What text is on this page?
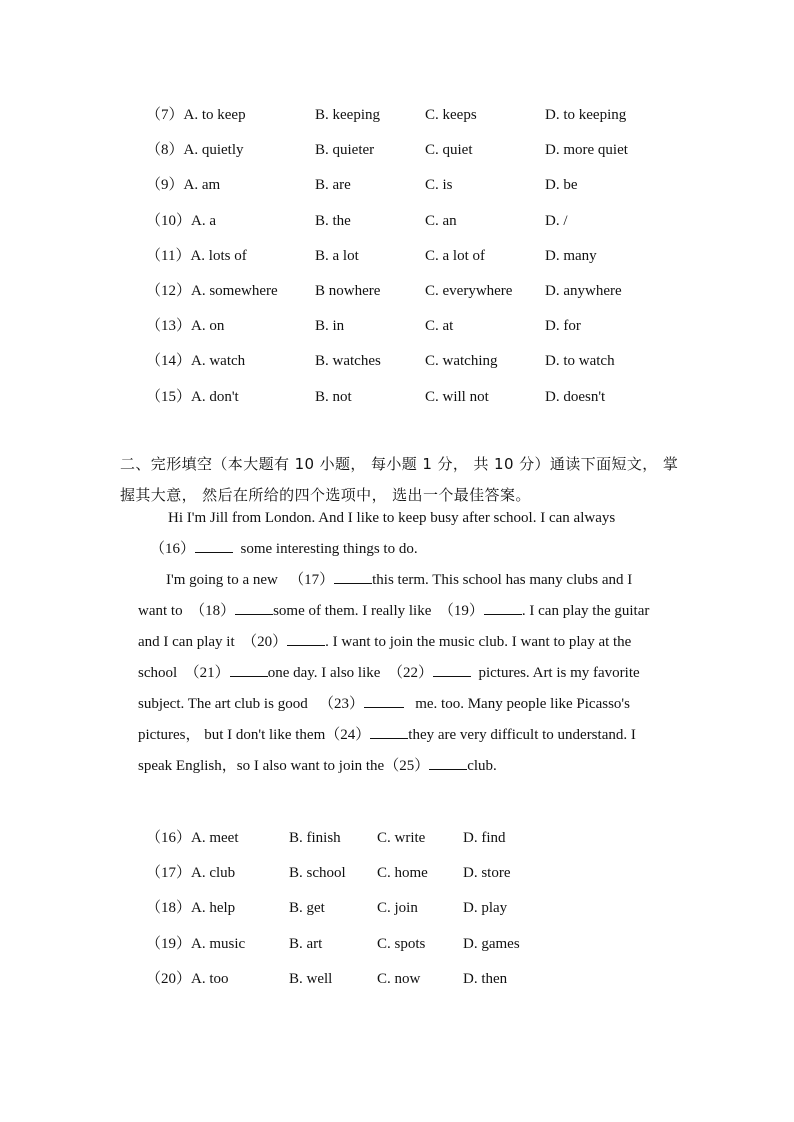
（7）A. to keep	B. keeping	C. keeps	D. to keeping
（8）A. quietly	B. quieter	C. quiet	D. more quiet
（9）A. am	B. are	C. is	D. be
（10）A. a	B. the	C. an	D. /
（11）A. lots of	B. a lot	C. a lot of	D. many
（12）A. somewhere B nowhere	C. everywhere D. anywhere
（13）A. on	B. in	C. at	D. for
（14）A. watch	B. watches	C. watching	D. to watch
（15）A. don't	B. not	C. will not	D. doesn't
二、完形填空（本大题有 10 小题， 每小题 1 分， 共 10 分）通读下面短文， 掌
握其大意， 然后在所给的四个选项中， 选出一个最佳答案。
Hi I'm Jill from London. And I like to keep busy after school. I can always
（16）	some interesting things to do.
I'm going to a new （17）	this term. This school has many clubs and I
want to （18）	some of them. I really like （19）	. I can play the guitar
and I can play it （20）	. I want to join the music club. I want to play at the
school （21）	one day. I also like （22）	pictures. Art is my favorite
subject. The art club is good （23）	me. too. Many people like Picasso's
pictures， but I don't like them（24）	they are very difficult to understand. I
speak English，so I also want to join the（25）	club.
（16）A. meet	B. finish C. write	D. find
（17）A. club	B. school C. home D. store
（18）A. help	B. get	C. join	D. play
（19）A. music	B. art	C. spots	D. games
（20）A. too	B. well	C. now	D. then
